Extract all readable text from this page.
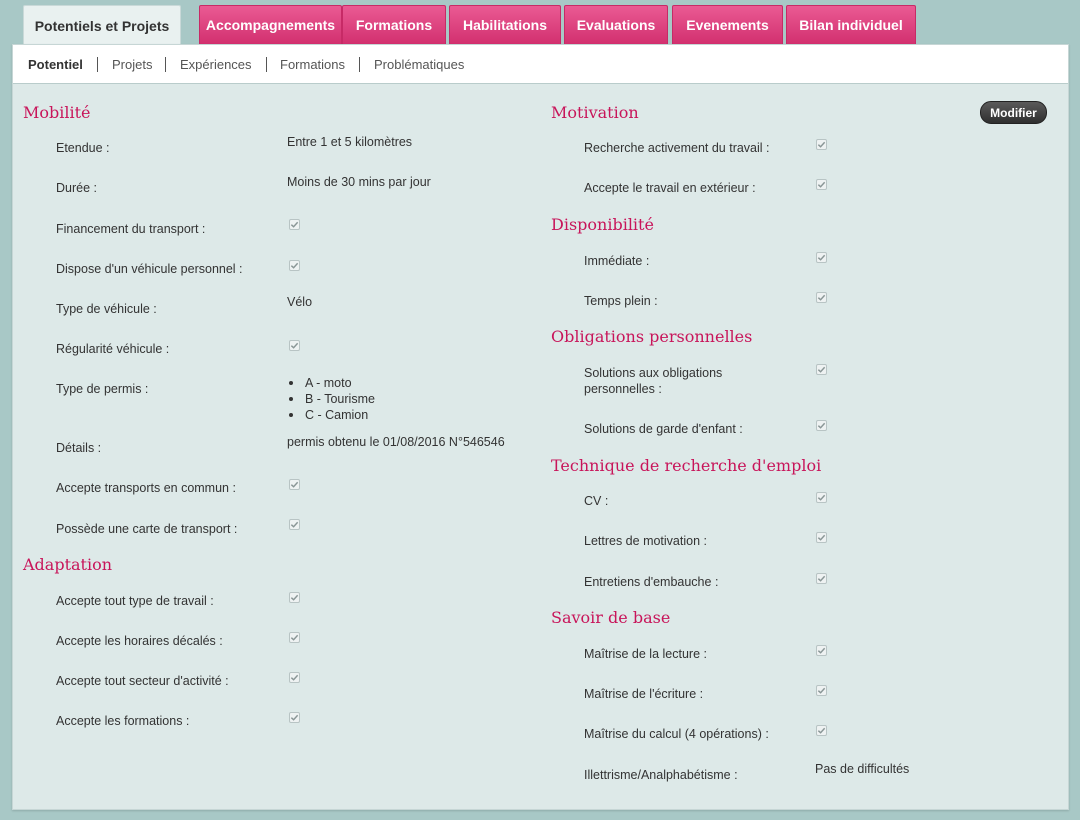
Potentiels et Projets	Accompagnements	Formations	Habilitations	Evaluations	Evenements	Bilan individuel
Potentiel Projets Expériences Formations Problématiques
Modifier
Mobilité
Etendue :	Entre 1 et 5 kilomètres
Durée :	Moins de 30 mins par jour
Financement du transport :
Dispose d'un véhicule personnel :
Type de véhicule :	Vélo
Régularité véhicule :
Type de permis :	A - moto
B - Tourisme
C - Camion
Détails :	permis obtenu le 01/08/2016 N°546546
Accepte transports en commun :
Possède une carte de transport :
Adaptation
Accepte tout type de travail :
Accepte les horaires décalés :
Accepte tout secteur d'activité :
Accepte les formations :
Motivation
Recherche activement du travail :
Accepte le travail en extérieur :
Disponibilité
Immédiate :
Temps plein :
Obligations personnelles
Solutions aux obligations
personnelles :
Solutions de garde d'enfant :
Technique de recherche d'emploi
CV :
Lettres de motivation :
Entretiens d'embauche :
Savoir de base
Maîtrise de la lecture :
Maîtrise de l'écriture :
Maîtrise du calcul (4 opérations) :
Illettrisme/Analphabétisme :	Pas de difficultés
